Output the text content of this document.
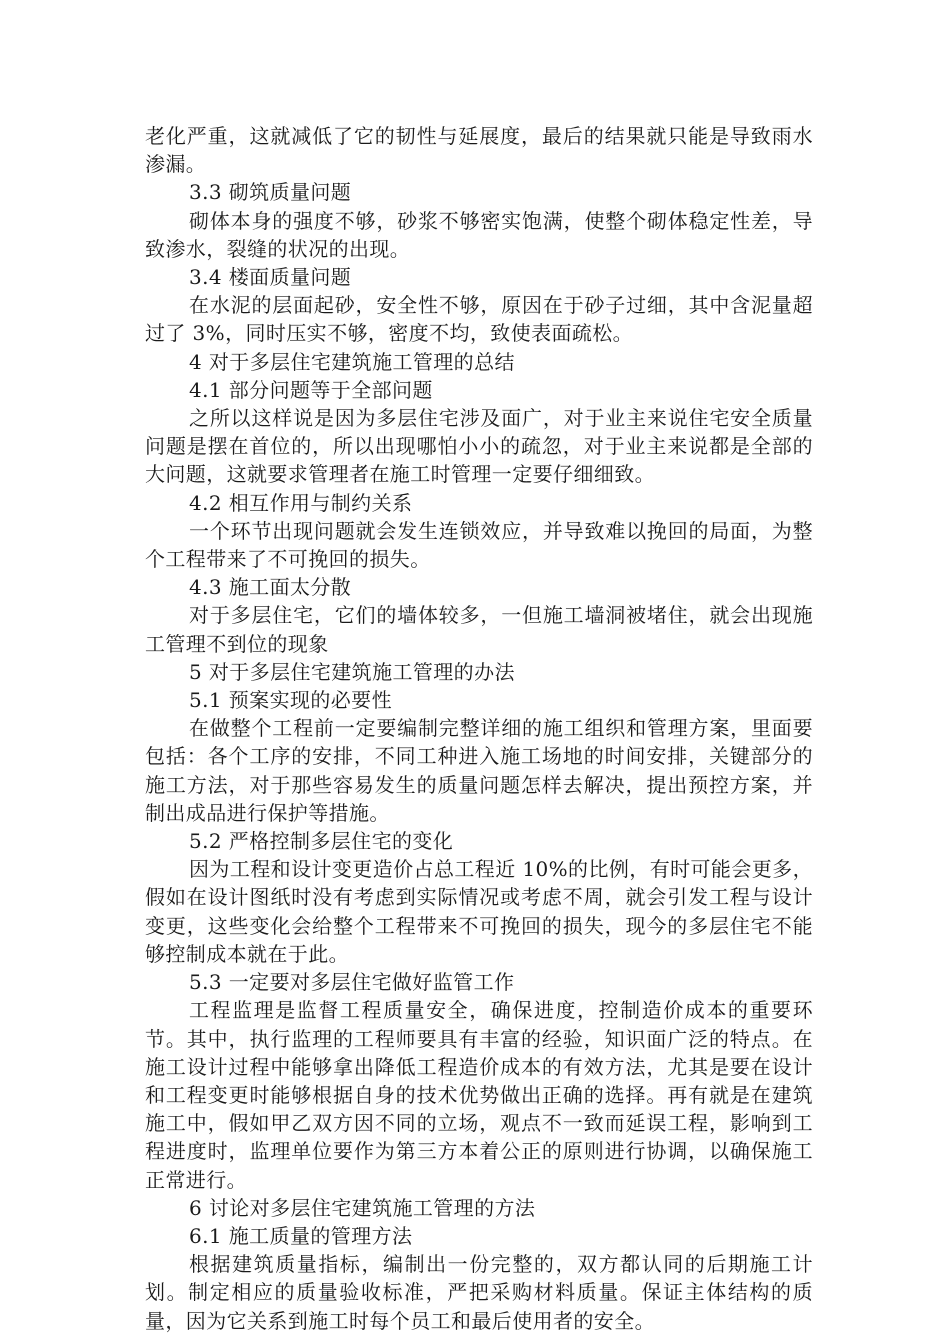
老化严重，这就减低了它的韧性与延展度，最后的结果就只能是导致雨水渗漏。

3.3 砌筑质量问题

砌体本身的强度不够，砂浆不够密实饱满，使整个砌体稳定性差，导致渗水，裂缝的状况的出现。

3.4 楼面质量问题

在水泥的层面起砂，安全性不够，原因在于砂子过细，其中含泥量超过了 3%，同时压实不够，密度不均，致使表面疏松。

4 对于多层住宅建筑施工管理的总结

4.1 部分问题等于全部问题

之所以这样说是因为多层住宅涉及面广，对于业主来说住宅安全质量问题是摆在首位的，所以出现哪怕小小的疏忽，对于业主来说都是全部的大问题，这就要求管理者在施工时管理一定要仔细细致。

4.2 相互作用与制约关系

一个环节出现问题就会发生连锁效应，并导致难以挽回的局面，为整个工程带来了不可挽回的损失。

4.3 施工面太分散

对于多层住宅，它们的墙体较多，一但施工墙洞被堵住，就会出现施工管理不到位的现象

5 对于多层住宅建筑施工管理的办法

5.1 预案实现的必要性

在做整个工程前一定要编制完整详细的施工组织和管理方案，里面要包括：各个工序的安排，不同工种进入施工场地的时间安排，关键部分的施工方法，对于那些容易发生的质量问题怎样去解决，提出预控方案，并制出成品进行保护等措施。

5.2 严格控制多层住宅的变化

因为工程和设计变更造价占总工程近 10%的比例，有时可能会更多，假如在设计图纸时没有考虑到实际情况或考虑不周，就会引发工程与设计变更，这些变化会给整个工程带来不可挽回的损失，现今的多层住宅不能够控制成本就在于此。

5.3 一定要对多层住宅做好监管工作

工程监理是监督工程质量安全，确保进度，控制造价成本的重要环节。其中，执行监理的工程师要具有丰富的经验，知识面广泛的特点。在施工设计过程中能够拿出降低工程造价成本的有效方法，尤其是要在设计和工程变更时能够根据自身的技术优势做出正确的选择。再有就是在建筑施工中，假如甲乙双方因不同的立场，观点不一致而延误工程，影响到工程进度时，监理单位要作为第三方本着公正的原则进行协调，以确保施工正常进行。

6 讨论对多层住宅建筑施工管理的方法

6.1 施工质量的管理方法

根据建筑质量指标，编制出一份完整的，双方都认同的后期施工计划。制定相应的质量验收标准，严把采购材料质量。保证主体结构的质量，因为它关系到施工时每个员工和最后使用者的安全。
